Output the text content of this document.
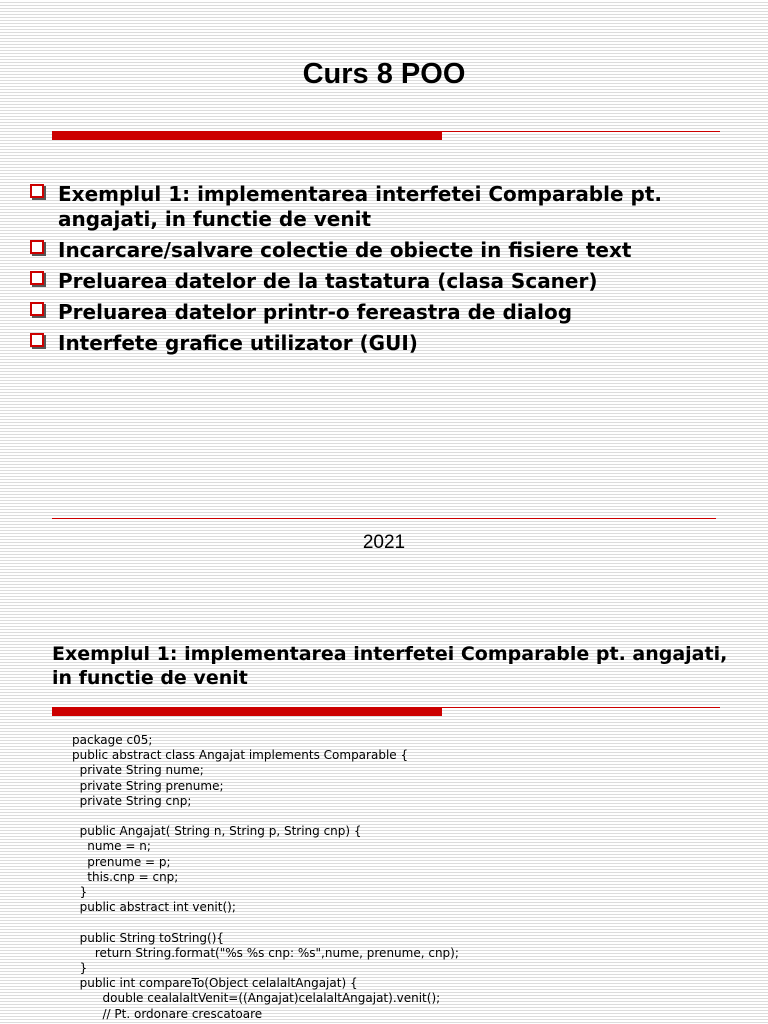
Curs 8 POO
Exemplul 1: implementarea interfetei Comparable pt. angajati, in functie de venit
Incarcare/salvare colectie de obiecte in fisiere text
Preluarea datelor de la tastatura (clasa Scaner)
Preluarea datelor printr-o fereastra de dialog
Interfete grafice utilizator (GUI)
2021
Exemplul 1: implementarea interfetei Comparable pt. angajati, in functie de venit
package c05;
public abstract class Angajat implements Comparable {
private String nume;
private String prenume;
private String cnp;

public Angajat( String n, String p, String cnp) {
nume = n;
prenume = p;
this.cnp = cnp;
}
public abstract int venit();

public String toString(){
return String.format("%s %s cnp: %s",nume, prenume, cnp);
}
public int compareTo(Object celalaltAngajat) {
double cealalaltVenit=((Angajat)celalaltAngajat).venit();
// Pt. ordonare crescatoare
